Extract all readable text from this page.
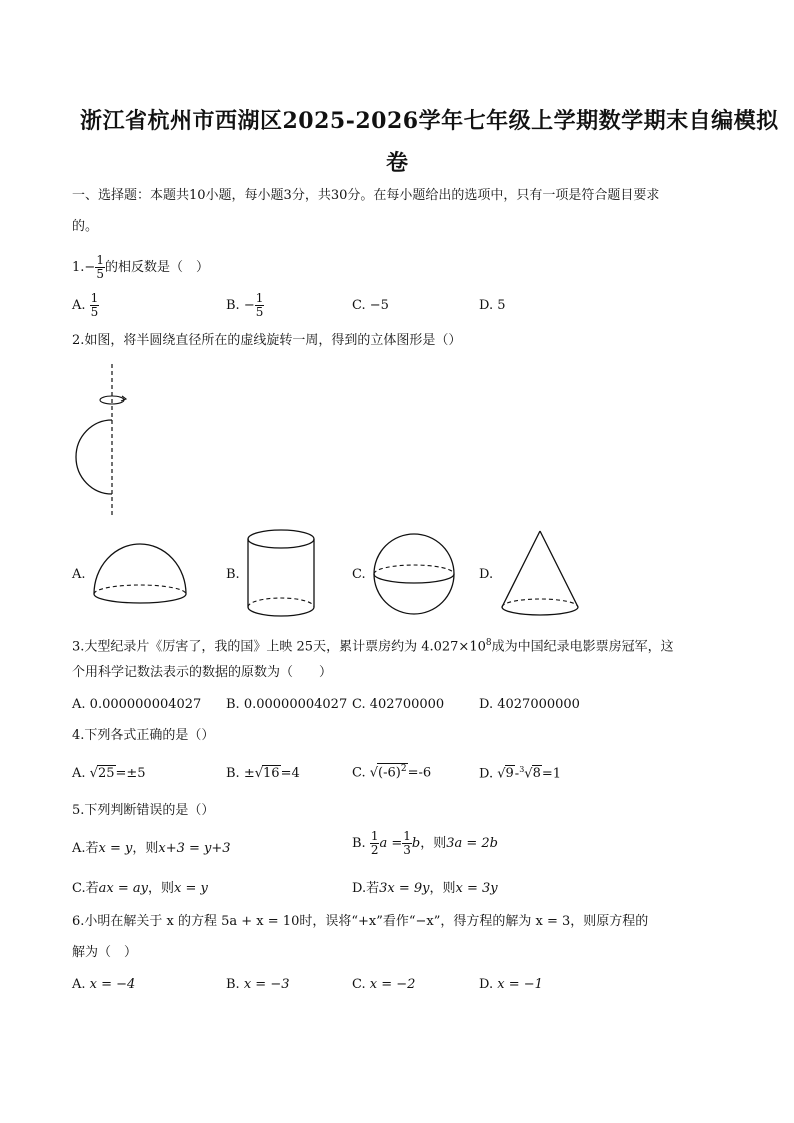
浙江省杭州市西湖区2025-2026学年七年级上学期数学期末自编模拟
卷
一、选择题：本题共10小题，每小题3分，共30分。在每小题给出的选项中，只有一项是符合题目要求
的。
$1.- \frac{1}{5}$ 的相反数是（　）
A. $\frac{1}{5}$	B. − $\frac{1}{5}$	C. −5	D. 5
2.如图，将半圆绕直径所在的虚线旋转一周，得到的立体图形是（）
A.	B.	C.	D.
3.大型纪录片《厉害了，我的国》上映 25天，累计票房约为 $4.027\times 10^8$成为中国纪录电影票房冠军，这
个用科学记数法表示的数据的原数为（　　）
A. 0.000000004027 B. 0.00000004027 C. 402700000	D. 4027000000
4.下列各式正确的是（）
A. √25=±5	B. ±√16=4	C. $√(-6)^2=-6$	D. √9-$^3$√8=1
5.下列判断错误的是（）
A.若x = y，则x+3 = y+3	B. $\frac{1}{2}$ $a = \frac{1}{3}$ b，则3a = 2b
C.若ax = ay，则x = y	D.若3x = 9y，则x = 3y
6.小明在解关于 x 的方程 5a + x = 10时，误将“+x”看作“−x”，得方程的解为 x = 3，则原方程的
解为（　）
A. x = −4	B. x = −3	C. x = −2	D. x = −1
